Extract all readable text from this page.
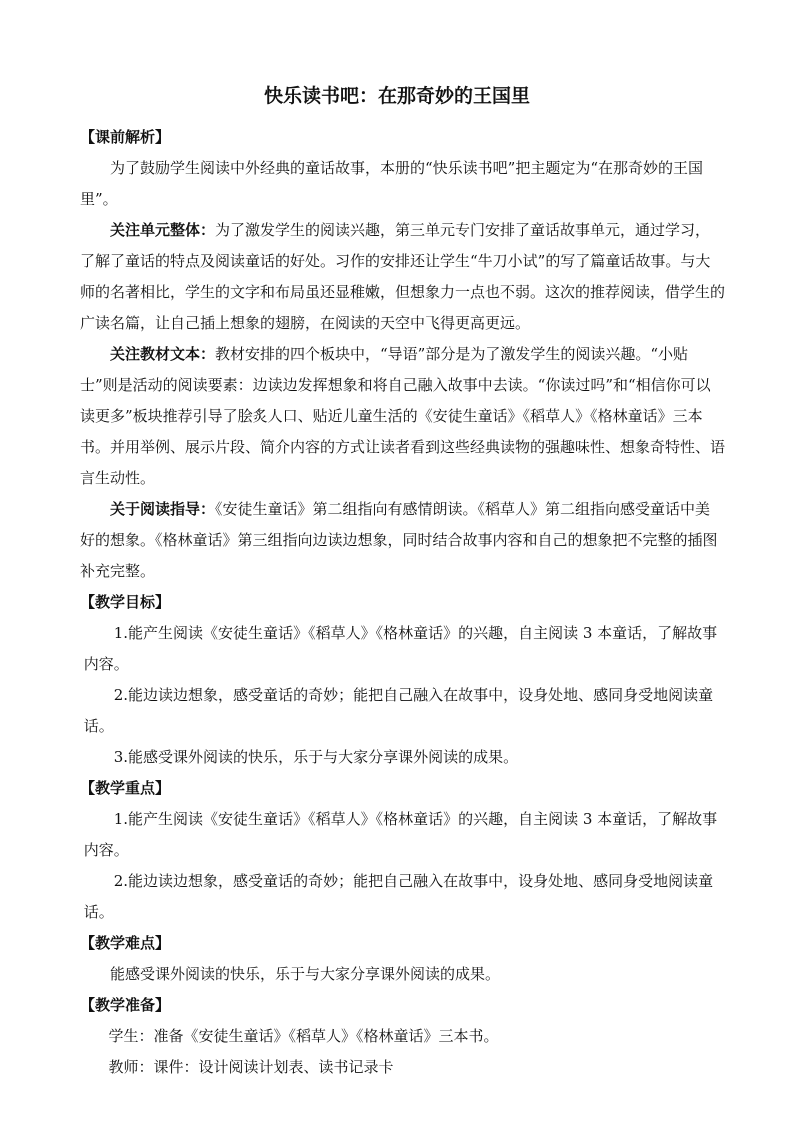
快乐读书吧：在那奇妙的王国里

【课前解析】

为了鼓励学生阅读中外经典的童话故事，本册的“快乐读书吧”把主题定为“在那奇妙的王国里”。

关注单元整体：为了激发学生的阅读兴趣，第三单元专门安排了童话故事单元，通过学习，了解了童话的特点及阅读童话的好处。习作的安排还让学生“牛刀小试”的写了篇童话故事。与大师的名著相比，学生的文字和布局虽还显稚嫩，但想象力一点也不弱。这次的推荐阅读，借学生的广读名篇，让自己插上想象的翅膀，在阅读的天空中飞得更高更远。

关注教材文本：教材安排的四个板块中，“导语”部分是为了激发学生的阅读兴趣。“小贴士”则是活动的阅读要素：边读边发挥想象和将自己融入故事中去读。“你读过吗”和“相信你可以读更多”板块推荐引导了脍炙人口、贴近儿童生活的《安徒生童话》《稻草人》《格林童话》三本书。并用举例、展示片段、简介内容的方式让读者看到这些经典读物的强趣味性、想象奇特性、语言生动性。

关于阅读指导：《安徒生童话》第二组指向有感情朗读。《稻草人》第二组指向感受童话中美好的想象。《格林童话》第三组指向边读边想象，同时结合故事内容和自己的想象把不完整的插图补充完整。

【教学目标】

1.能产生阅读《安徒生童话》《稻草人》《格林童话》的兴趣，自主阅读 3 本童话，了解故事内容。

2.能边读边想象，感受童话的奇妙；能把自己融入在故事中，设身处地、感同身受地阅读童话。

3.能感受课外阅读的快乐，乐于与大家分享课外阅读的成果。

【教学重点】

1.能产生阅读《安徒生童话》《稻草人》《格林童话》的兴趣，自主阅读 3 本童话，了解故事内容。

2.能边读边想象，感受童话的奇妙；能把自己融入在故事中，设身处地、感同身受地阅读童话。

【教学难点】

能感受课外阅读的快乐，乐于与大家分享课外阅读的成果。

【教学准备】

学生：准备《安徒生童话》《稻草人》《格林童话》三本书。

教师：课件：设计阅读计划表、读书记录卡
